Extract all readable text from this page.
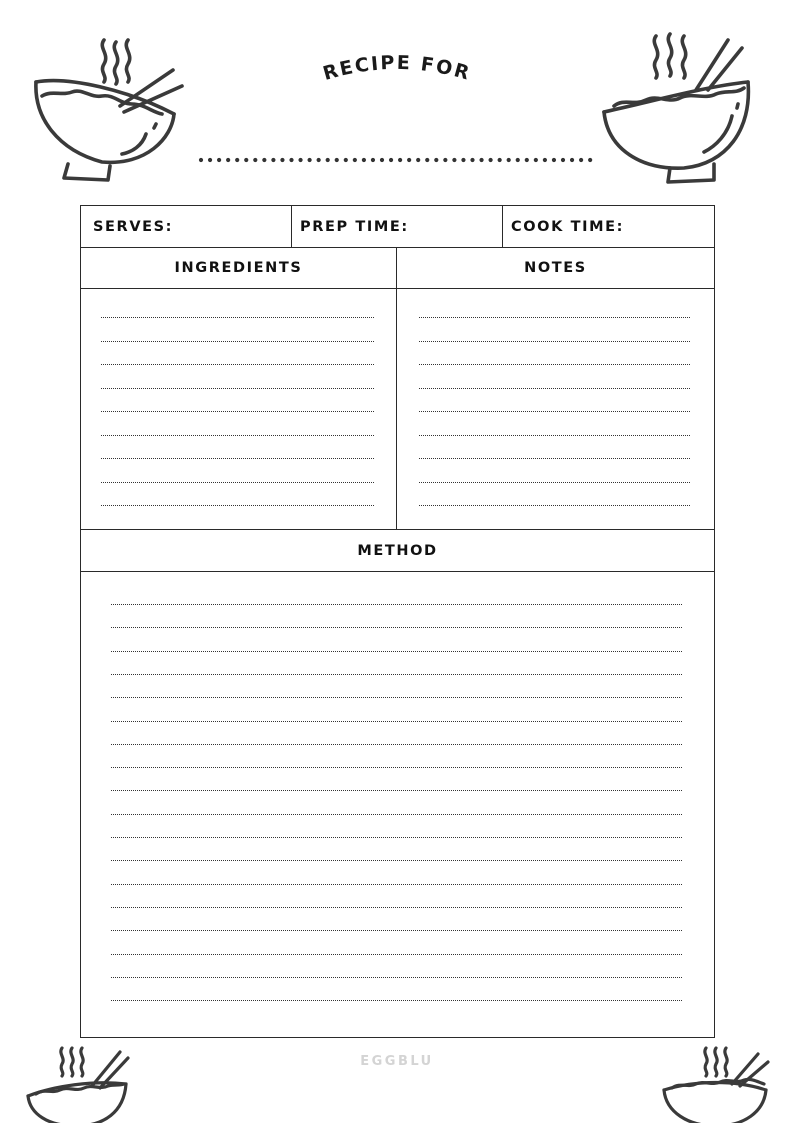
RECIPE FOR
SERVES:	PREP TIME:	COOK TIME:
INGREDIENTS	NOTES
METHOD
EGGBLU
